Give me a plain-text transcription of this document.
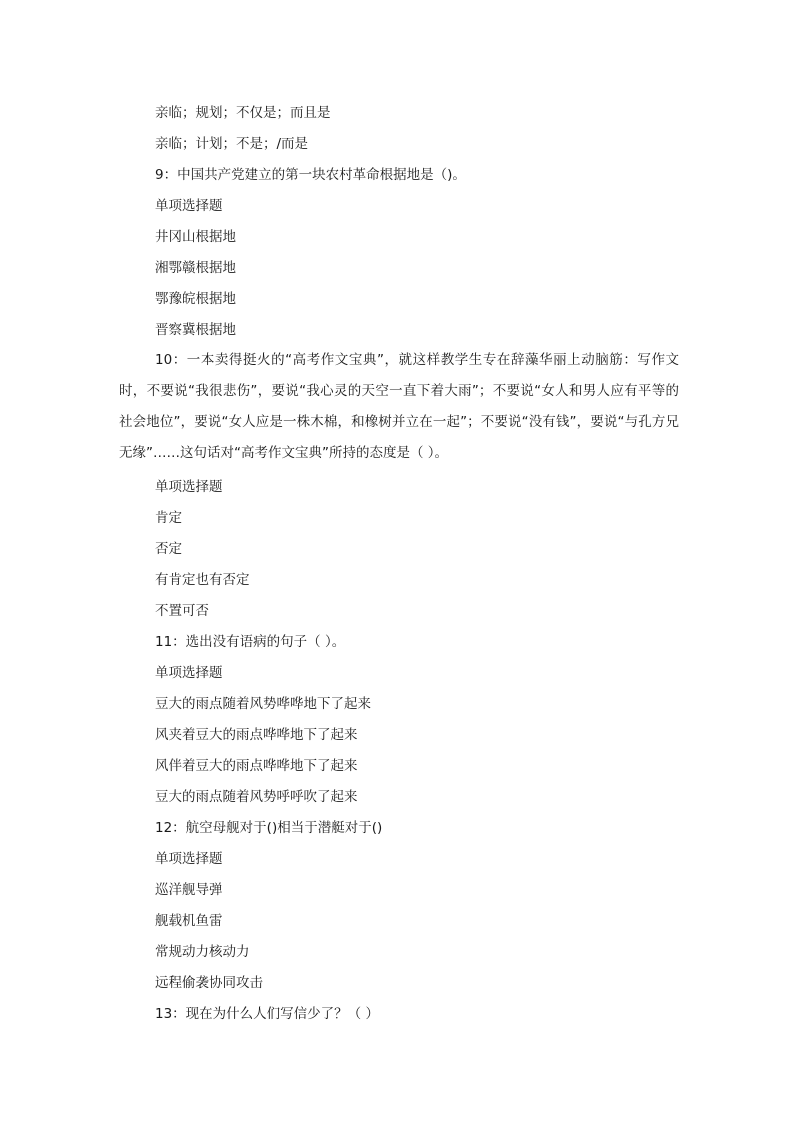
亲临；规划；不仅是；而且是
亲临；计划；不是；/而是
9：中国共产党建立的第一块农村革命根据地是（)。
单项选择题
井冈山根据地
湘鄂赣根据地
鄂豫皖根据地
晋察冀根据地
10：一本卖得挺火的“高考作文宝典”，就这样教学生专在辞藻华丽上动脑筋：写作文时，不要说“我很悲伤”，要说“我心灵的天空一直下着大雨”；不要说“女人和男人应有平等的社会地位”，要说“女人应是一株木棉，和橡树并立在一起”；不要说“没有钱”，要说“与孔方兄无缘”……这句话对“高考作文宝典”所持的态度是（ ）。
单项选择题
肯定
否定
有肯定也有否定
不置可否
11：选出没有语病的句子（ ）。
单项选择题
豆大的雨点随着风势哗哗地下了起来
风夹着豆大的雨点哗哗地下了起来
风伴着豆大的雨点哗哗地下了起来
豆大的雨点随着风势呼呼吹了起来
12：航空母舰对于()相当于潜艇对于()
单项选择题
巡洋舰导弹
舰载机鱼雷
常规动力核动力
远程偷袭协同攻击
13：现在为什么人们写信少了？（ ）
